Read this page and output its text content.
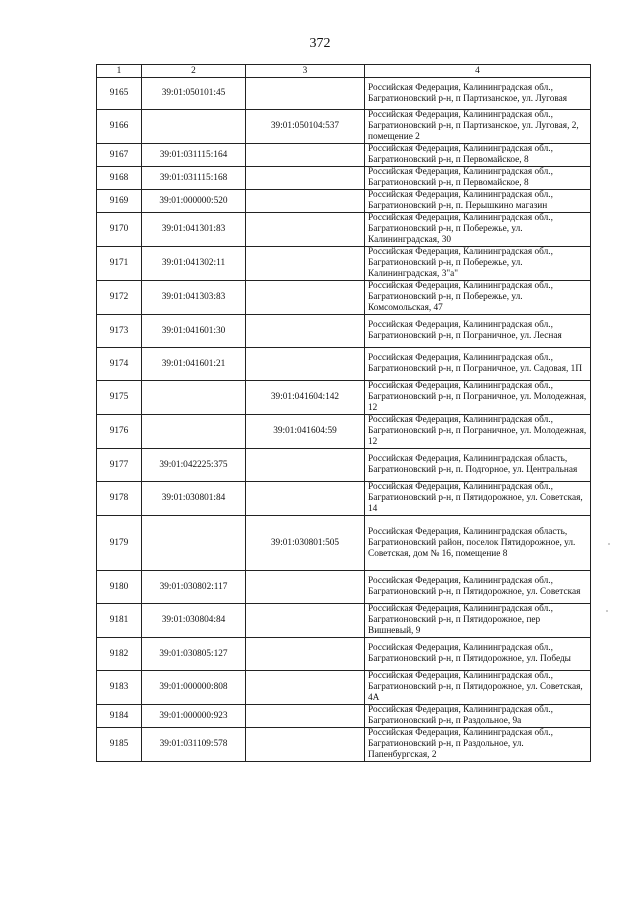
372
1	2	3	4
9165	39:01:050101:45		Российская Федерация, Калининградская обл., Багратионовский р-н, п Партизанское, ул. Луговая
9166		39:01:050104:537	Российская Федерация, Калининградская обл., Багратионовский р-н, п Партизанское, ул. Луговая, 2, помещение 2
9167	39:01:031115:164		Российская Федерация, Калининградская обл., Багратионовский р-н, п Первомайское, 8
9168	39:01:031115:168		Российская Федерация, Калининградская обл., Багратионовский р-н, п Первомайское, 8
9169	39:01:000000:520		Российская Федерация, Калининградская обл., Багратионовский р-н, п. Перышкино магазин
9170	39:01:041301:83		Российская Федерация, Калининградская обл., Багратионовский р-н, п Побережье, ул. Калининградская, 30
9171	39:01:041302:11		Российская Федерация, Калининградская обл., Багратионовский р-н, п Побережье, ул. Калининградская, 3"а"
9172	39:01:041303:83		Российская Федерация, Калининградская обл., Багратионовский р-н, п Побережье, ул. Комсомольская, 47
9173	39:01:041601:30		Российская Федерация, Калининградская обл., Багратионовский р-н, п Пограничное, ул. Лесная
9174	39:01:041601:21		Российская Федерация, Калининградская обл., Багратионовский р-н, п Пограничное, ул. Садовая, 1П
9175		39:01:041604:142	Российская Федерация, Калининградская обл., Багратионовский р-н, п Пограничное, ул. Молодежная, 12
9176		39:01:041604:59	Российская Федерация, Калининградская обл., Багратионовский р-н, п Пограничное, ул. Молодежная, 12
9177	39:01:042225:375		Российская Федерация, Калининградская область, Багратионовский р-н, п. Подгорное, ул. Центральная
9178	39:01:030801:84		Российская Федерация, Калининградская обл., Багратионовский р-н, п Пятидорожное, ул. Советская, 14
9179		39:01:030801:505	Российская Федерация, Калининградская область, Багратионовский район, поселок Пятидорожное, ул. Советская, дом № 16, помещение 8
9180	39:01:030802:117		Российская Федерация, Калининградская обл., Багратионовский р-н, п Пятидорожное, ул. Советская
9181	39:01:030804:84		Российская Федерация, Калининградская обл., Багратионовский р-н, п Пятидорожное, пер Вишневый, 9
9182	39:01:030805:127		Российская Федерация, Калининградская обл., Багратионовский р-н, п Пятидорожное, ул. Победы
9183	39:01:000000:808		Российская Федерация, Калининградская обл., Багратионовский р-н, п Пятидорожное, ул. Советская, 4А
9184	39:01:000000:923		Российская Федерация, Калининградская обл., Багратионовский р-н, п Раздольное, 9а
9185	39:01:031109:578		Российская Федерация, Калининградская обл., Багратионовский р-н, п Раздольное, ул. Папенбургская, 2
